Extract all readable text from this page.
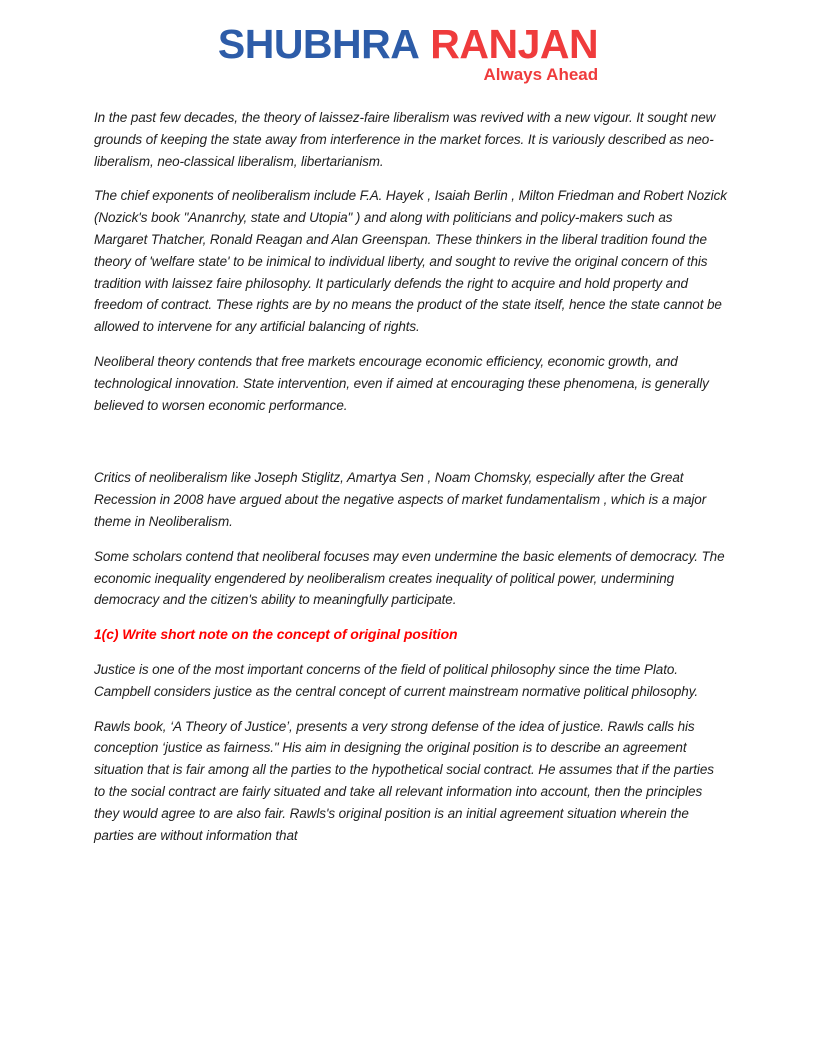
SHUBHRA RANJAN
Always Ahead

In the past few decades, the theory of laissez-faire liberalism was revived with a new vigour. It sought new grounds of keeping the state away from interference in the market forces. It is variously described as neo-liberalism, neo-classical liberalism, libertarianism.

The chief exponents of neoliberalism include F.A. Hayek , Isaiah Berlin , Milton Friedman and Robert Nozick (Nozick's book "Ananrchy, state and Utopia" ) and along with politicians and policy-makers such as Margaret Thatcher, Ronald Reagan and Alan Greenspan. These thinkers in the liberal tradition found the theory of 'welfare state' to be inimical to individual liberty, and sought to revive the original concern of this tradition with laissez faire philosophy. It particularly defends the right to acquire and hold property and freedom of contract. These rights are by no means the product of the state itself, hence the state cannot be allowed to intervene for any artificial balancing of rights.

Neoliberal theory contends that free markets encourage economic efficiency, economic growth, and technological innovation. State intervention, even if aimed at encouraging these phenomena, is generally believed to worsen economic performance.

Critics of neoliberalism like Joseph Stiglitz, Amartya Sen , Noam Chomsky, especially after the Great Recession in 2008 have argued about the negative aspects of market fundamentalism , which is a major theme in Neoliberalism.

Some scholars contend that neoliberal focuses may even undermine the basic elements of democracy. The economic inequality engendered by neoliberalism creates inequality of political power, undermining democracy and the citizen's ability to meaningfully participate.

1(c) Write short note on the concept of original position

Justice is one of the most important concerns of the field of political philosophy since the time Plato. Campbell considers justice as the central concept of current mainstream normative political philosophy.

Rawls book, ‘A Theory of Justice’, presents a very strong defense of the idea of justice. Rawls calls his conception ‘justice as fairness." His aim in designing the original position is to describe an agreement situation that is fair among all the parties to the hypothetical social contract. He assumes that if the parties to the social contract are fairly situated and take all relevant information into account, then the principles they would agree to are also fair. Rawls's original position is an initial agreement situation wherein the parties are without information that
